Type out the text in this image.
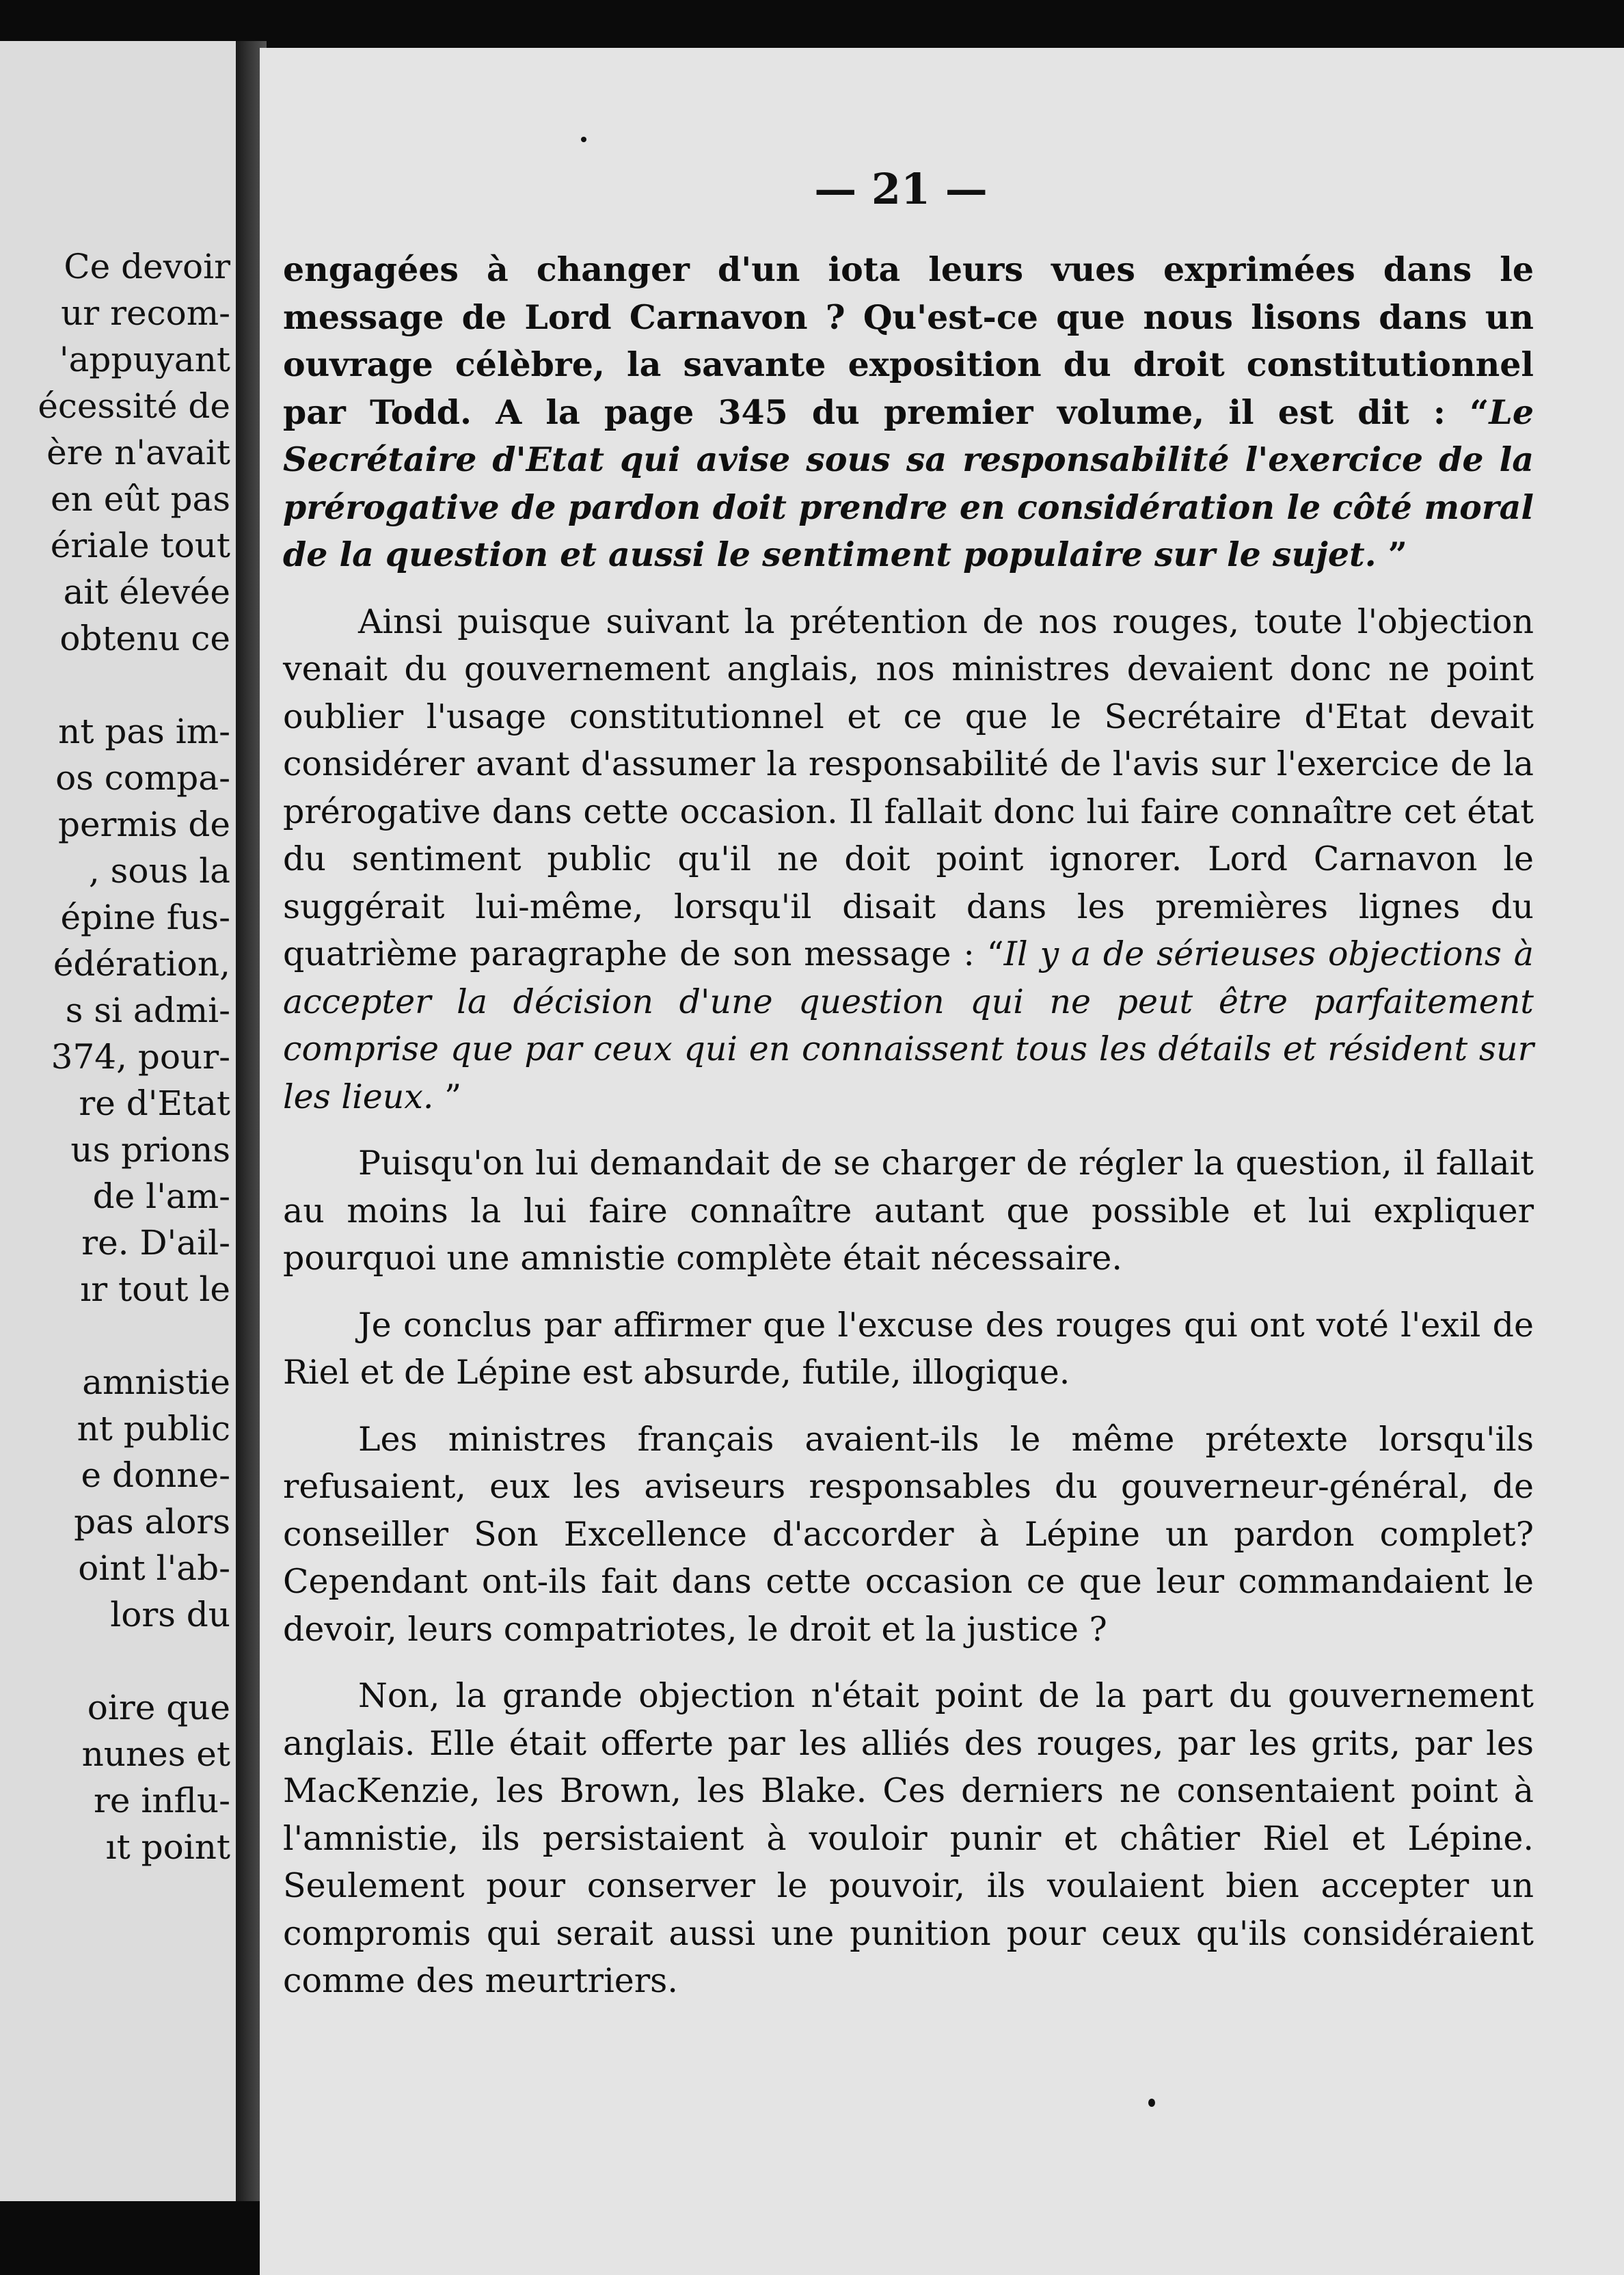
Ce devoir
ur recom-
'appuyant
écessité de
ère n'avait
en eût pas
ériale tout
ait élevée
obtenu ce
nt pas im-
os compa-
permis de
, sous la
épine fus-
édération,
s si admi-
374, pour-
re d'Etat
us prions
de l'am-
re. D'ail-
ır tout le
amnistie
nt public
e donne-
pas alors
oint l'ab-
lors du
oire que
nunes et
re influ-
ıt point
— 21 —

engagées à changer d'un iota leurs vues exprimées dans le message de Lord Carnavon ? Qu'est-ce que nous lisons dans un ouvrage célèbre, la savante exposition du droit constitutionnel par Todd. A la page 345 du premier volume, il est dit : “Le Secrétaire d'Etat qui avise sous sa responsabilité l'exercice de la prérogative de pardon doit prendre en considération le côté moral de la question et aussi le sentiment populaire sur le sujet. ”

Ainsi puisque suivant la prétention de nos rouges, toute l'objection venait du gouvernement anglais, nos ministres devaient donc ne point oublier l'usage constitutionnel et ce que le Secrétaire d'Etat devait considérer avant d'assumer la responsabilité de l'avis sur l'exercice de la prérogative dans cette occasion. Il fallait donc lui faire connaître cet état du sentiment public qu'il ne doit point ignorer. Lord Carnavon le suggérait lui-même, lorsqu'il disait dans les premières lignes du quatrième paragraphe de son message : “Il y a de sérieuses objections à accepter la décision d'une question qui ne peut être parfaitement comprise que par ceux qui en connaissent tous les détails et résident sur les lieux. ”

Puisqu'on lui demandait de se charger de régler la question, il fallait au moins la lui faire connaître autant que possible et lui expliquer pourquoi une amnistie complète était nécessaire.

Je conclus par affirmer que l'excuse des rouges qui ont voté l'exil de Riel et de Lépine est absurde, futile, illogique.

Les ministres français avaient-ils le même prétexte lorsqu'ils refusaient, eux les aviseurs responsables du gouverneur-général, de conseiller Son Excellence d'accorder à Lépine un pardon complet? Cependant ont-ils fait dans cette occasion ce que leur commandaient le devoir, leurs compatriotes, le droit et la justice ?

Non, la grande objection n'était point de la part du gouvernement anglais. Elle était offerte par les alliés des rouges, par les grits, par les MacKenzie, les Brown, les Blake. Ces derniers ne consentaient point à l'amnistie, ils persistaient à vouloir punir et châtier Riel et Lépine. Seulement pour conserver le pouvoir, ils voulaient bien accepter un compromis qui serait aussi une punition pour ceux qu'ils considéraient comme des meurtriers.
